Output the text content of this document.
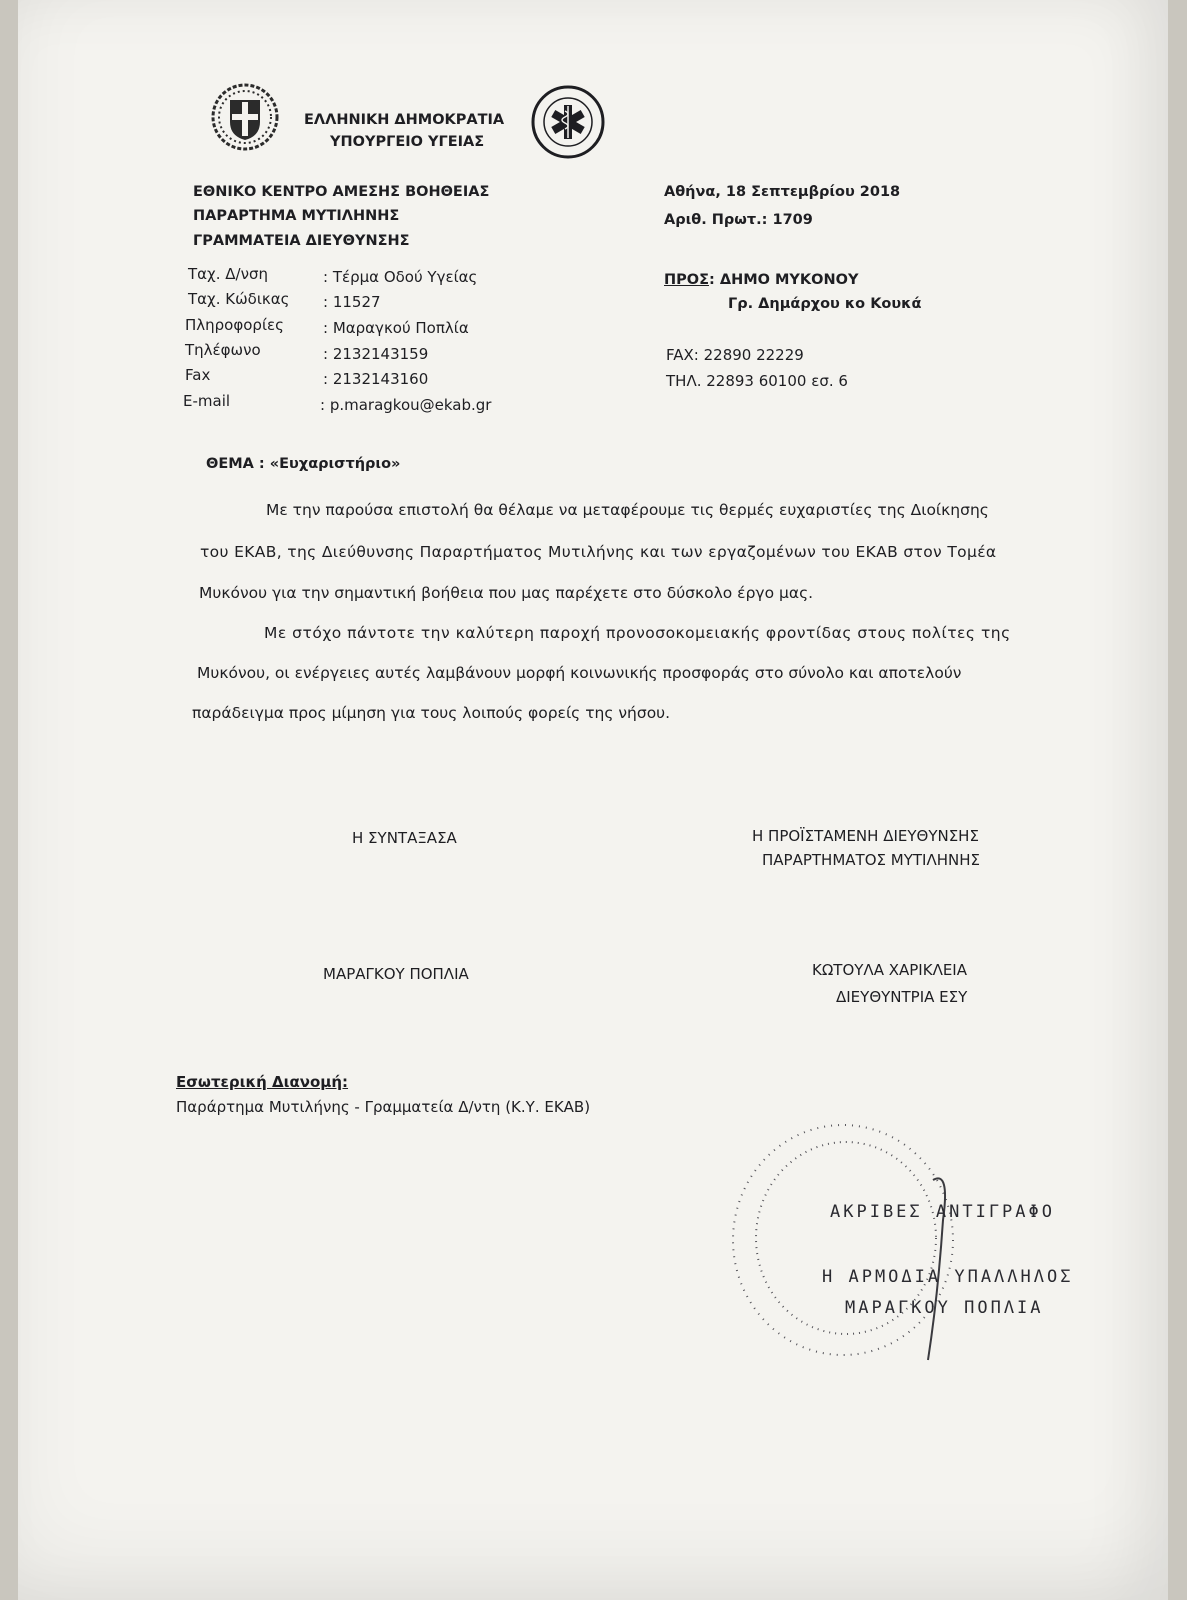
ΕΛΛΗΝΙΚΗ ΔΗΜΟΚΡΑΤΙΑ
ΥΠΟΥΡΓΕΙΟ ΥΓΕΙΑΣ
ΕΘΝΙΚΟ ΚΕΝΤΡΟ ΑΜΕΣΗΣ ΒΟΗΘΕΙΑΣ
ΠΑΡΑΡΤΗΜΑ ΜΥΤΙΛΗΝΗΣ
ΓΡΑΜΜΑΤΕΙΑ ΔΙΕΥΘΥΝΣΗΣ
Ταχ. Δ/νση	: Τέρμα Οδού Υγείας
Ταχ. Κώδικας : 11527
Πληροφορίες	: Μαραγκού Πoπλία
Τηλέφωνο	: 2132143159
Fax	: 2132143160
E-mail	: p.maragkou@ekab.gr
Αθήνα, 18 Σεπτεμβρίου 2018
Αριθ. Πρωτ.: 1709
ΠΡΟΣ: ΔΗΜΟ ΜΥΚΟΝΟΥ
Γρ. Δημάρχου κο Κουκά
FAX: 22890 22229
ΤΗΛ. 22893 60100 εσ. 6
ΘΕΜΑ : «Ευχαριστήριο»
Με την παρούσα επιστολή θα θέλαμε να μεταφέρουμε τις θερμές ευχαριστίες της Διοίκησης
του ΕΚΑΒ, της Διεύθυνσης Παραρτήματος Μυτιλήνης και των εργαζομένων του ΕΚΑΒ στον Τομέα
Μυκόνου για την σημαντική βοήθεια που μας παρέχετε στο δύσκολο έργο μας.
Με στόχο πάντοτε την καλύτερη παροχή προνοσοκομειακής φροντίδας στους πολίτες της
Μυκόνου, οι ενέργειες αυτές λαμβάνουν μορφή κοινωνικής προσφοράς στο σύνολο και αποτελούν
παράδειγμα προς μίμηση για τους λοιπούς φορείς της νήσου.
Η ΣΥΝΤΑΞΑΣΑ	Η ΠΡΟΪΣΤΑΜΕΝΗ ΔΙΕΥΘΥΝΣΗΣ
ΠΑΡΑΡΤΗΜΑΤΟΣ ΜΥΤΙΛΗΝΗΣ
ΜΑΡΑΓΚΟΥ ΠΟΠΛΙΑ	ΚΩΤΟΥΛΑ ΧΑΡΙΚΛΕΙΑ
ΔΙΕΥΘΥΝΤΡΙΑ ΕΣΥ
Εσωτερική Διανομή:
Παράρτημα Μυτιλήνης - Γραμματεία Δ/ντη (Κ.Υ. ΕΚΑΒ)
ΑΚΡΙΒΕΣ ΑΝΤΙΓΡΑΦΟ
Η ΑΡΜΟΔΙΑ ΥΠΑΛΛΗΛΟΣ
ΜΑΡΑΓΚΟΥ ΠΟΠΛΙΑ
